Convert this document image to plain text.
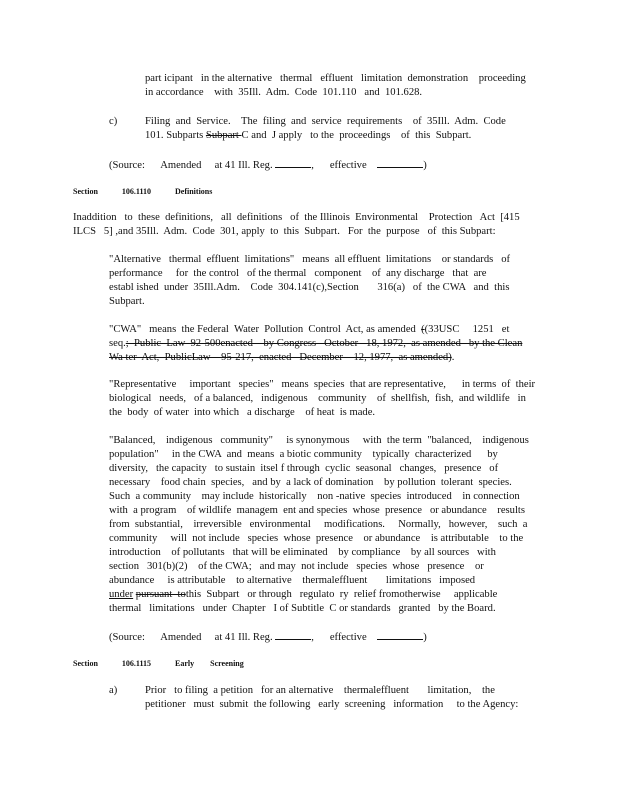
part icipant   in the alternative   thermal   effluent   limitation  demonstration    proceeding
in accordance    with  35Ill.  Adm.  Code  101.110   and  101.628.
c)	Filing  and  Service.    The  filing  and  service  requirements    of  35Ill.  Adm.  Code
101. Subparts Subpart C and  J apply   to the  proceedings    of  this  Subpart.
(Source: Amended at 41 Ill. Reg.	, effective	)
Section	106.1110	Definitions
Inaddition   to  these  definitions,   all  definitions   of  the Illinois  Environmental    Protection   Act  [415
ILCS   5] ,and 35Ill.  Adm.  Code  301, apply  to  this  Subpart.   For  the  purpose   of  this Subpart:
"Alternative   thermal  effluent  limitations"   means  all effluent  limitations    or standards   of
performance     for  the control   of the thermal   component    of  any discharge   that  are
establ ished  under  35Ill.Adm.    Code  304.141(c),Section       316(a)   of  the CWA   and  this
Subpart.
"CWA"   means  the Federal  Water  Pollution  Control  Act, as amended  ((33USC     1251   et
seq.;  Public  Law  92-500enacted    by Congress   October   18, 1972,  as amended   by the Clean
Wa ter  Act,  PublicLaw    95-217,  enacted   December    12, 1977,  as amended).
"Representative     important   species"   means  species  that are representative,      in terms  of  their
biological   needs,   of a balanced,   indigenous    community    of  shellfish,  fish,  and wildlife   in
the  body  of water  into which   a discharge    of heat  is made.
"Balanced,    indigenous   community"     is synonymous     with  the term  "balanced,    indigenous
population"     in the CWA  and  means  a biotic community    typically  characterized      by
diversity,   the capacity   to sustain  itsel f through  cyclic  seasonal   changes,   presence   of
necessary    food chain  species,   and by  a lack of domination    by pollution  tolerant  species.
Such  a community    may include  historically    non -native  species  introduced    in connection
with  a program    of wildlife  managem  ent and species  whose  presence   or abundance    results
from  substantial,    irreversible   environmental     modifications.     Normally,   however,    such  a
community     will  not include   species  whose  presence    or abundance    is attributable    to the
introduction    of pollutants   that will be eliminated    by compliance    by all sources   with
section   301(b)(2)    of the CWA;   and may  not include   species  whose   presence    or
abundance     is attributable    to alternative    thermaleffluent       limitations   imposed
under pursuant  tothis  Subpart   or through   regulato  ry  relief fromotherwise     applicable
thermal   limitations   under  Chapter   I of Subtitle  C or standards   granted   by the Board.
(Source: Amended at 41 Ill. Reg.	, effective	)
Section	106.1115	Early Screening
a)	Prior   to filing  a petition   for an alternative    thermaleffluent       limitation,    the
petitioner   must  submit  the following   early  screening   information     to the Agency:
